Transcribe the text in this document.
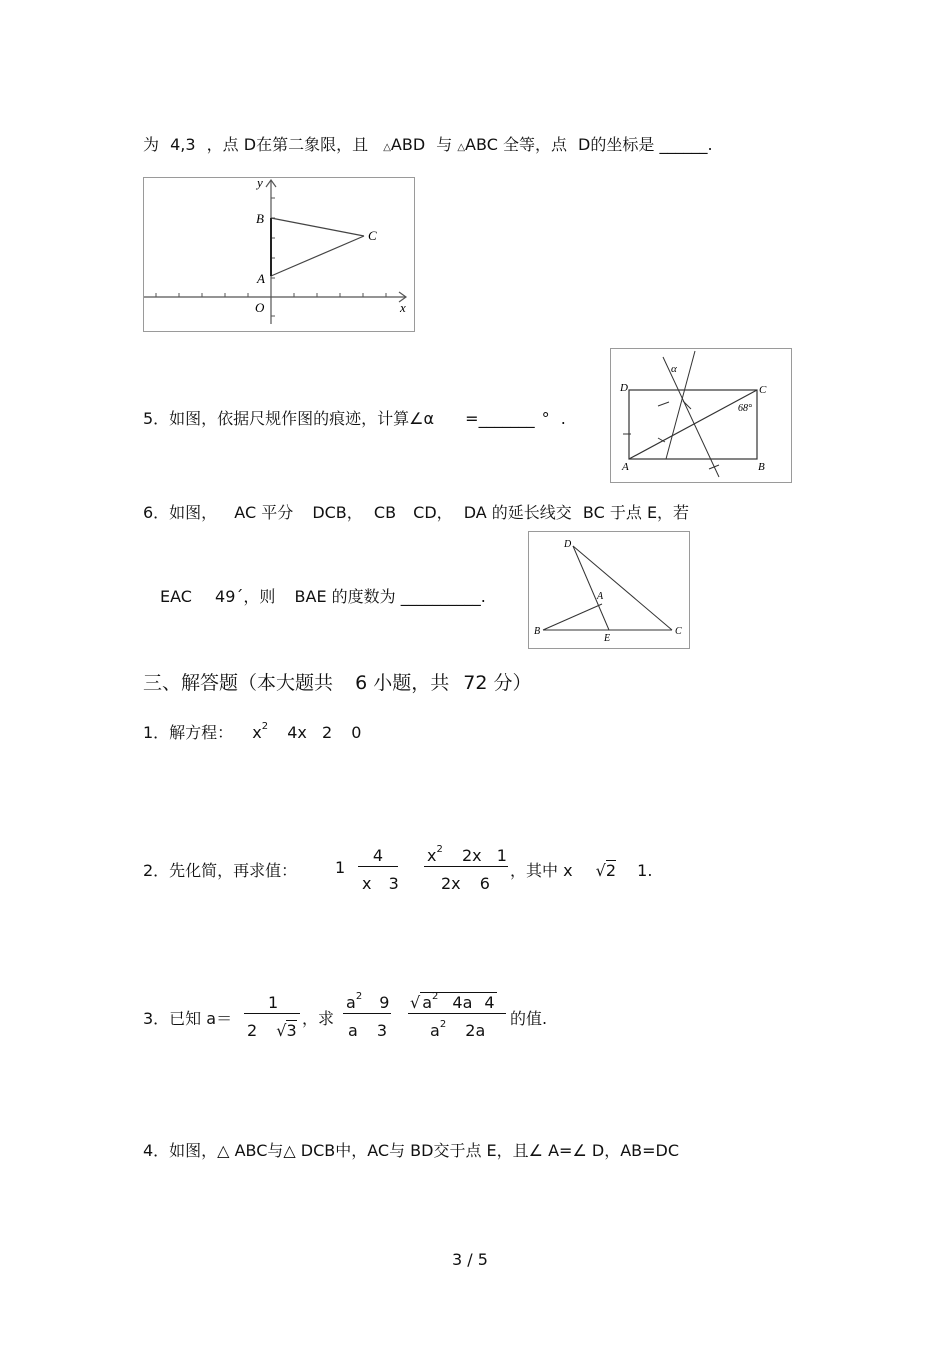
为 4,3 ，点 D在第二象限，且 △ABD 与 △ABC 全等，点 D的坐标是 ______.
y
B
C
A
O	x
5．如图，依据尺规作图的痕迹，计算∠α =_______ ° .
α
D	C
68°
A	B
6．如图， AC 平分 DCB， CB CD， DA 的延长线交 BC 于点 E，若
EAC 49´，则 BAE 的度数为 __________.
D
A
B
E
C
三、解答题（本大题共 6 小题，共 72 分）
1．解方程： $x^2$ 4x 2 0
2．先化简，再求值： 1
4
x 3
$x^2$ 2x 1
2x 6
，其中 x √2 1.
3．已知 a＝
1
2 √3
，求
$a^2$ 9
a 3
√ $a^2$ 4a 4
$a^2$ 2a
的值.
4．如图，△ ABC与△ DCB中，AC与 BD交于点 E，且∠ A=∠ D，AB=DC
3 / 5
